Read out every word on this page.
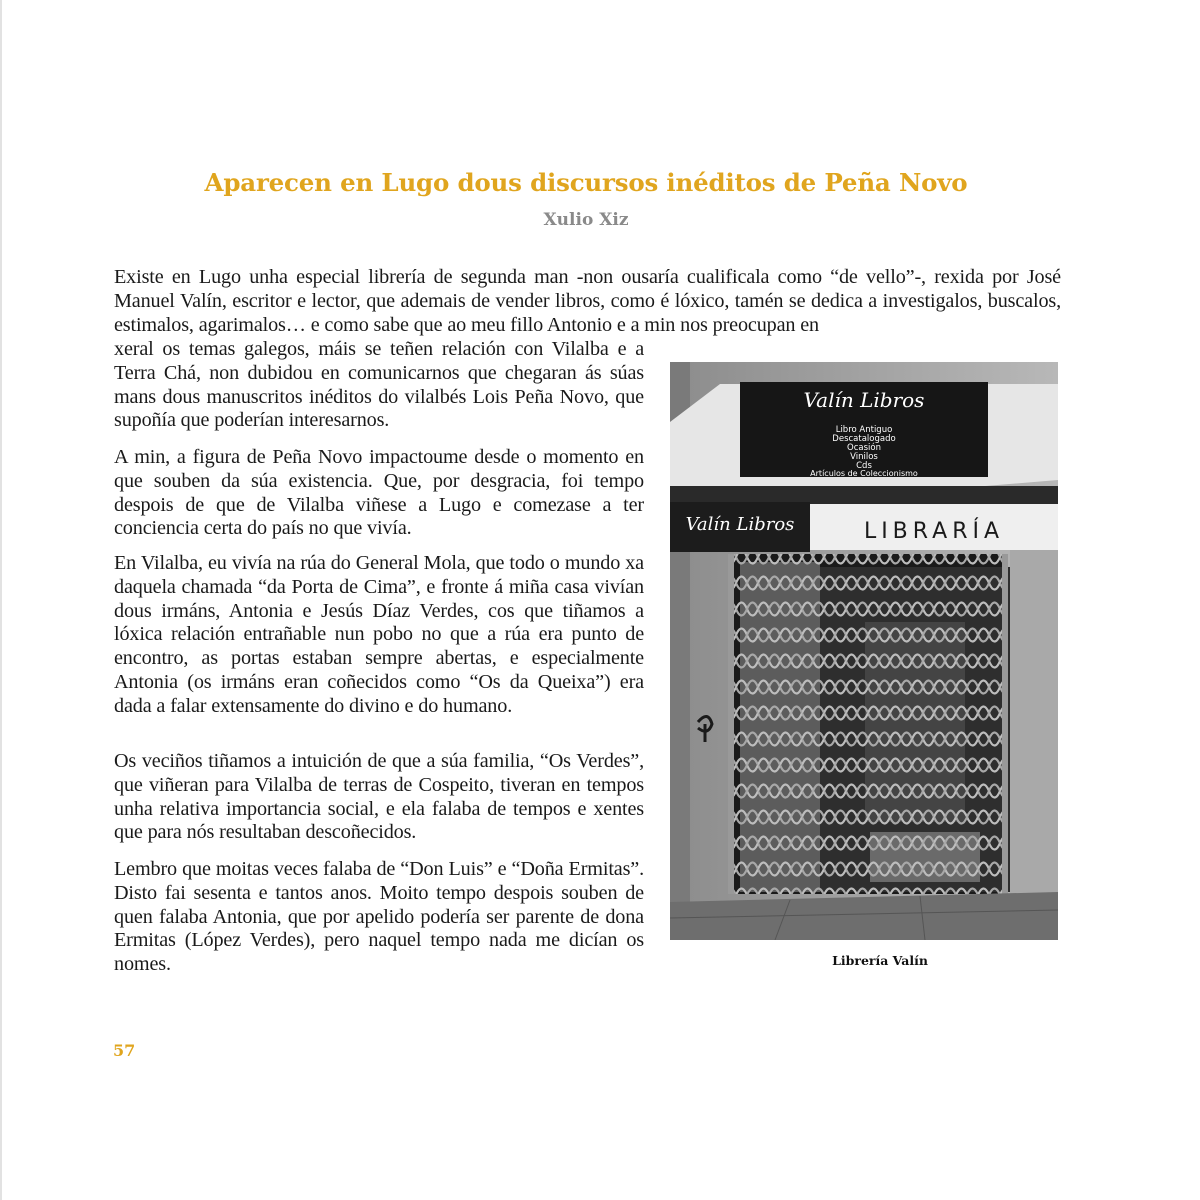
Aparecen en Lugo dous discursos inéditos de Peña Novo
Xulio Xiz

Existe en Lugo unha especial librería de segunda man -non ousaría cualificala como “de vello”-, rexida por José Manuel Valín, escritor e lector, que ademais de vender libros, como é lóxico, tamén se dedica a investigalos, buscalos, estimalos, agarimalos… e como sabe que ao meu fillo Antonio e a min nos preocupan en

xeral os temas galegos, máis se teñen relación con Vilalba e a Terra Chá, non dubidou en comunicarnos que chegaran ás súas mans dous manuscritos inéditos do vilalbés Lois Peña Novo, que supoñía que poderían interesarnos.

A min, a figura de Peña Novo impactoume desde o momento en que souben da súa existencia. Que, por desgracia, foi tempo despois de que de Vilalba viñese a Lugo e comezase a ter conciencia certa do país no que vivía.

En Vilalba, eu vivía na rúa do General Mola, que todo o mundo xa daquela chamada “da Porta de Cima”, e fronte á miña casa vivían dous irmáns, Antonia e Jesús Díaz Verdes, cos que tiñamos a lóxica relación entrañable nun pobo no que a rúa era punto de encontro, as portas estaban sempre abertas, e especialmente Antonia (os irmáns eran coñecidos como “Os da Queixa”) era dada a falar extensamente do divino e do humano.

Os veciños tiñamos a intuición de que a súa familia, “Os Verdes”, que viñeran para Vilalba de terras de Cospeito, tiveran en tempos unha relativa importancia social, e ela falaba de tempos e xentes que para nós resultaban descoñecidos.

Lembro que moitas veces falaba de “Don Luis” e “Doña Ermitas”. Disto fai sesenta e tantos anos. Moito tempo despois souben de quen falaba Antonia, que por apelido podería ser parente de dona Ermitas (López Verdes), pero naquel tempo nada me dicían os nomes.

Valín Libros
Libro Antiguo
Descatalogado
Ocasión
Vinilos
Cds
Artículos de Coleccionismo
Valín Libros	LIBRARÍA
Librería Valín
57
